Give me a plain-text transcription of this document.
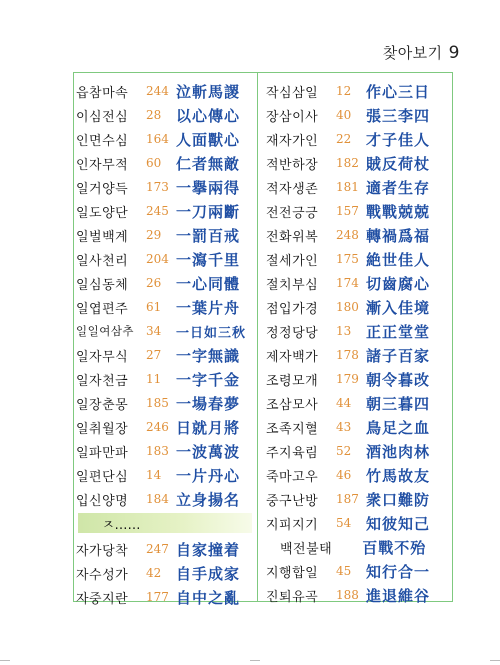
찾아보기 9
읍참마속	244 泣斬馬謖
이심전심	28 以心傳心
인면수심	164 人面獸心
인자무적	60 仁者無敵
일거양득	173 一擧兩得
일도양단	245 一刀兩斷
일벌백계	29 一罰百戒
일사천리	204 一瀉千里
일심동체	26 一心同體
일엽편주	61 一葉片舟
일일여삼추 34	一日如三秋
일자무식	27 一字無識
일자천금	11 一字千金
일장춘몽	185 一場春夢
일취월장	246 日就月將
일파만파	183 一波萬波
일편단심	14 一片丹心
입신양명	184 立身揚名
ㅈ……
자가당착	247 自家撞着
자수성가	42 自手成家
자중지란	177 自中之亂
작심삼일	12 作心三日
장삼이사	40 張三李四
재자가인	22 才子佳人
적반하장	182 賊反荷杖
적자생존	181 適者生存
전전긍긍	157 戰戰兢兢
전화위복	248 轉禍爲福
절세가인	175 絶世佳人
절치부심	174 切齒腐心
점입가경	180 漸入佳境
정정당당	13 正正堂堂
제자백가	178 諸子百家
조령모개	179 朝令暮改
조삼모사	44 朝三暮四
조족지혈	43 鳥足之血
주지육림	52 酒池肉林
죽마고우	46 竹馬故友
중구난방	187 衆口難防
지피지기	54 知彼知己
백전불태 百戰不殆
지행합일	45 知行合一
진퇴유곡	188 進退維谷
